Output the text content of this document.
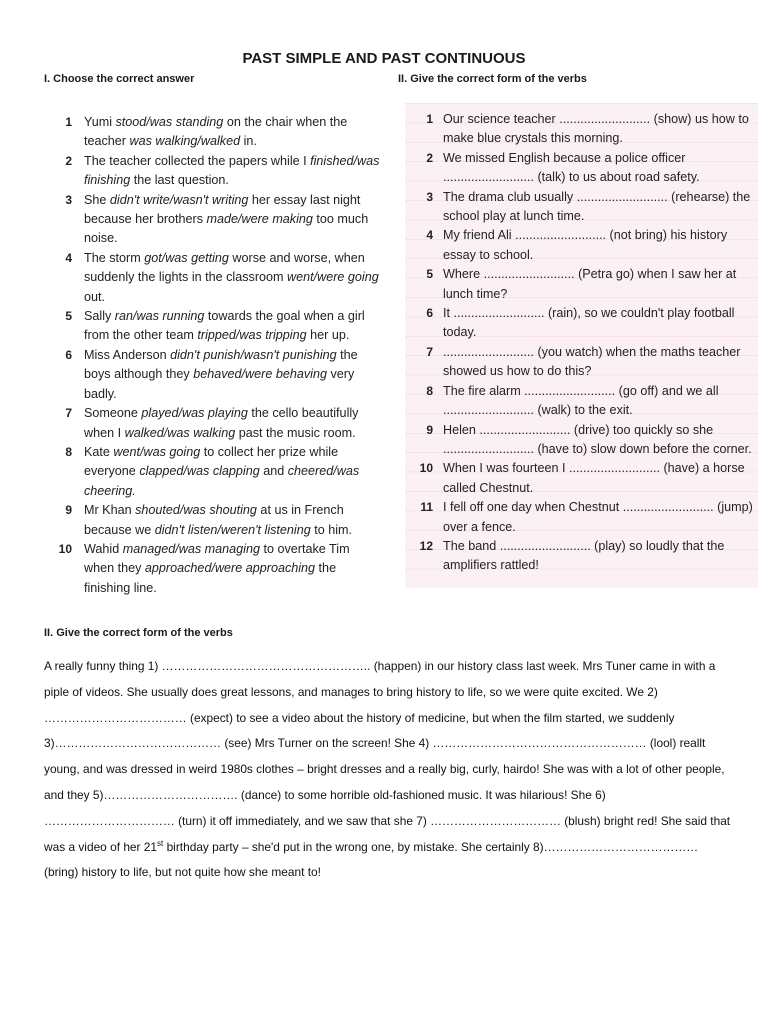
PAST SIMPLE AND PAST CONTINUOUS
I. Choose the correct answer	II. Give the correct form of the verbs
1 Yumi stood/was standing on the chair when the teacher was walking/walked in.
2 The teacher collected the papers while I finished/was finishing the last question.
3 She didn't write/wasn't writing her essay last night because her brothers made/were making too much noise.
4 The storm got/was getting worse and worse, when suddenly the lights in the classroom went/were going out.
5 Sally ran/was running towards the goal when a girl from the other team tripped/was tripping her up.
6 Miss Anderson didn't punish/wasn't punishing the boys although they behaved/were behaving very badly.
7 Someone played/was playing the cello beautifully when I walked/was walking past the music room.
8 Kate went/was going to collect her prize while everyone clapped/was clapping and cheered/was cheering.
9 Mr Khan shouted/was shouting at us in French because we didn't listen/weren't listening to him.
10 Wahid managed/was managing to overtake Tim when they approached/were approaching the finishing line.
1 Our science teacher .......................... (show) us how to make blue crystals this morning.
2 We missed English because a police officer .......................... (talk) to us about road safety.
3 The drama club usually .......................... (rehearse) the school play at lunch time.
4 My friend Ali .......................... (not bring) his history essay to school.
5 Where .......................... (Petra go) when I saw her at lunch time?
6 It .......................... (rain), so we couldn't play football today.
7 .......................... (you watch) when the maths teacher showed us how to do this?
8 The fire alarm .......................... (go off) and we all .......................... (walk) to the exit.
9 Helen .......................... (drive) too quickly so she .......................... (have to) slow down before the corner.
10 When I was fourteen I .......................... (have) a horse called Chestnut.
11 I fell off one day when Chestnut .......................... (jump) over a fence.
12 The band .......................... (play) so loudly that the amplifiers rattled!
II. Give the correct form of the verbs

A really funny thing 1) …………………………………………….. (happen) in our history class last week. Mrs Tuner came in with a piple of videos. She usually does great lessons, and manages to bring history to life, so we were quite excited. We 2) ……………………………… (expect) to see a video about the history of medicine, but when the film started, we suddenly 3)…………………………………… (see) Mrs Turner on the screen! She 4) ……………………………………………… (lool) reallt young, and was dressed in weird 1980s clothes – bright dresses and a really big, curly, hairdo! She was with a lot of other people, and they 5)……………………………. (dance) to some horrible old-fashioned music. It was hilarious! She 6) …………………………… (turn) it off immediately, and we saw that she 7) …………………………… (blush) bright red! She said that was a video of her 21st birthday party – she'd put in the wrong one, by mistake. She certainly 8)………………………………… (bring) history to life, but not quite how she meant to!
